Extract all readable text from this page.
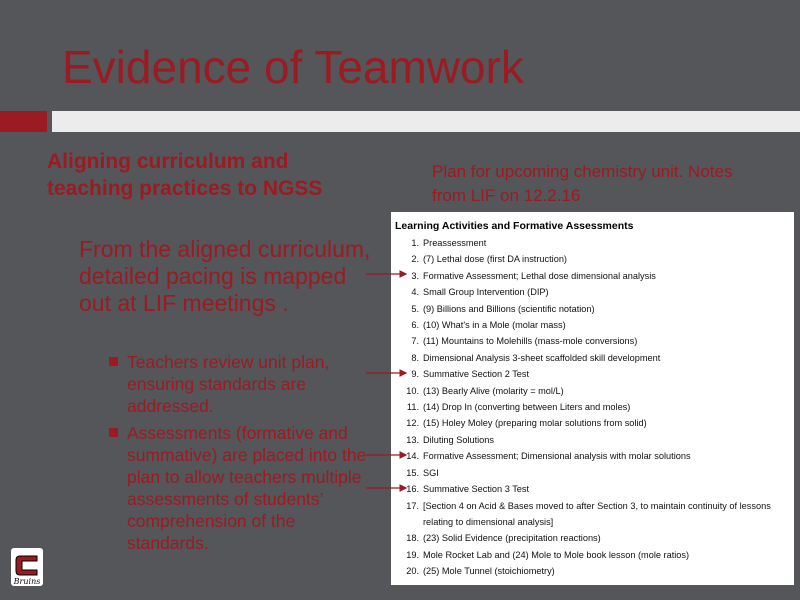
Evidence of Teamwork
Aligning curriculum and teaching practices to NGSS
From the aligned curriculum, detailed pacing is mapped out at LIF meetings .
Teachers review unit plan, ensuring standards are addressed.
Assessments (formative and summative) are placed into the plan to allow teachers multiple assessments of students’ comprehension of the standards.
Plan for upcoming chemistry unit. Notes from LIF on 12.2.16
Learning Activities and Formative Assessments
1. Preassessment
2. (7) Lethal dose (first DA instruction)
3. Formative Assessment; Lethal dose dimensional analysis
4. Small Group Intervention (DIP)
5. (9) Billions and Billions (scientific notation)
6. (10) What's in a Mole (molar mass)
7. (11) Mountains to Molehills (mass-mole conversions)
8. Dimensional Analysis 3-sheet scaffolded skill development
9. Summative Section 2 Test
10. (13) Bearly Alive (molarity = mol/L)
11. (14) Drop In (converting between Liters and moles)
12. (15) Holey Moley (preparing molar solutions from solid)
13. Diluting Solutions
14. Formative Assessment; Dimensional analysis with molar solutions
15. SGI
16. Summative Section 3 Test
17. [Section 4 on Acid & Bases moved to after Section 3, to maintain continuity of lessons relating to dimensional analysis]
18. (23) Solid Evidence (precipitation reactions)
19. Mole Rocket Lab and (24) Mole to Mole book lesson (mole ratios)
20. (25) Mole Tunnel (stoichiometry)
Bruins
